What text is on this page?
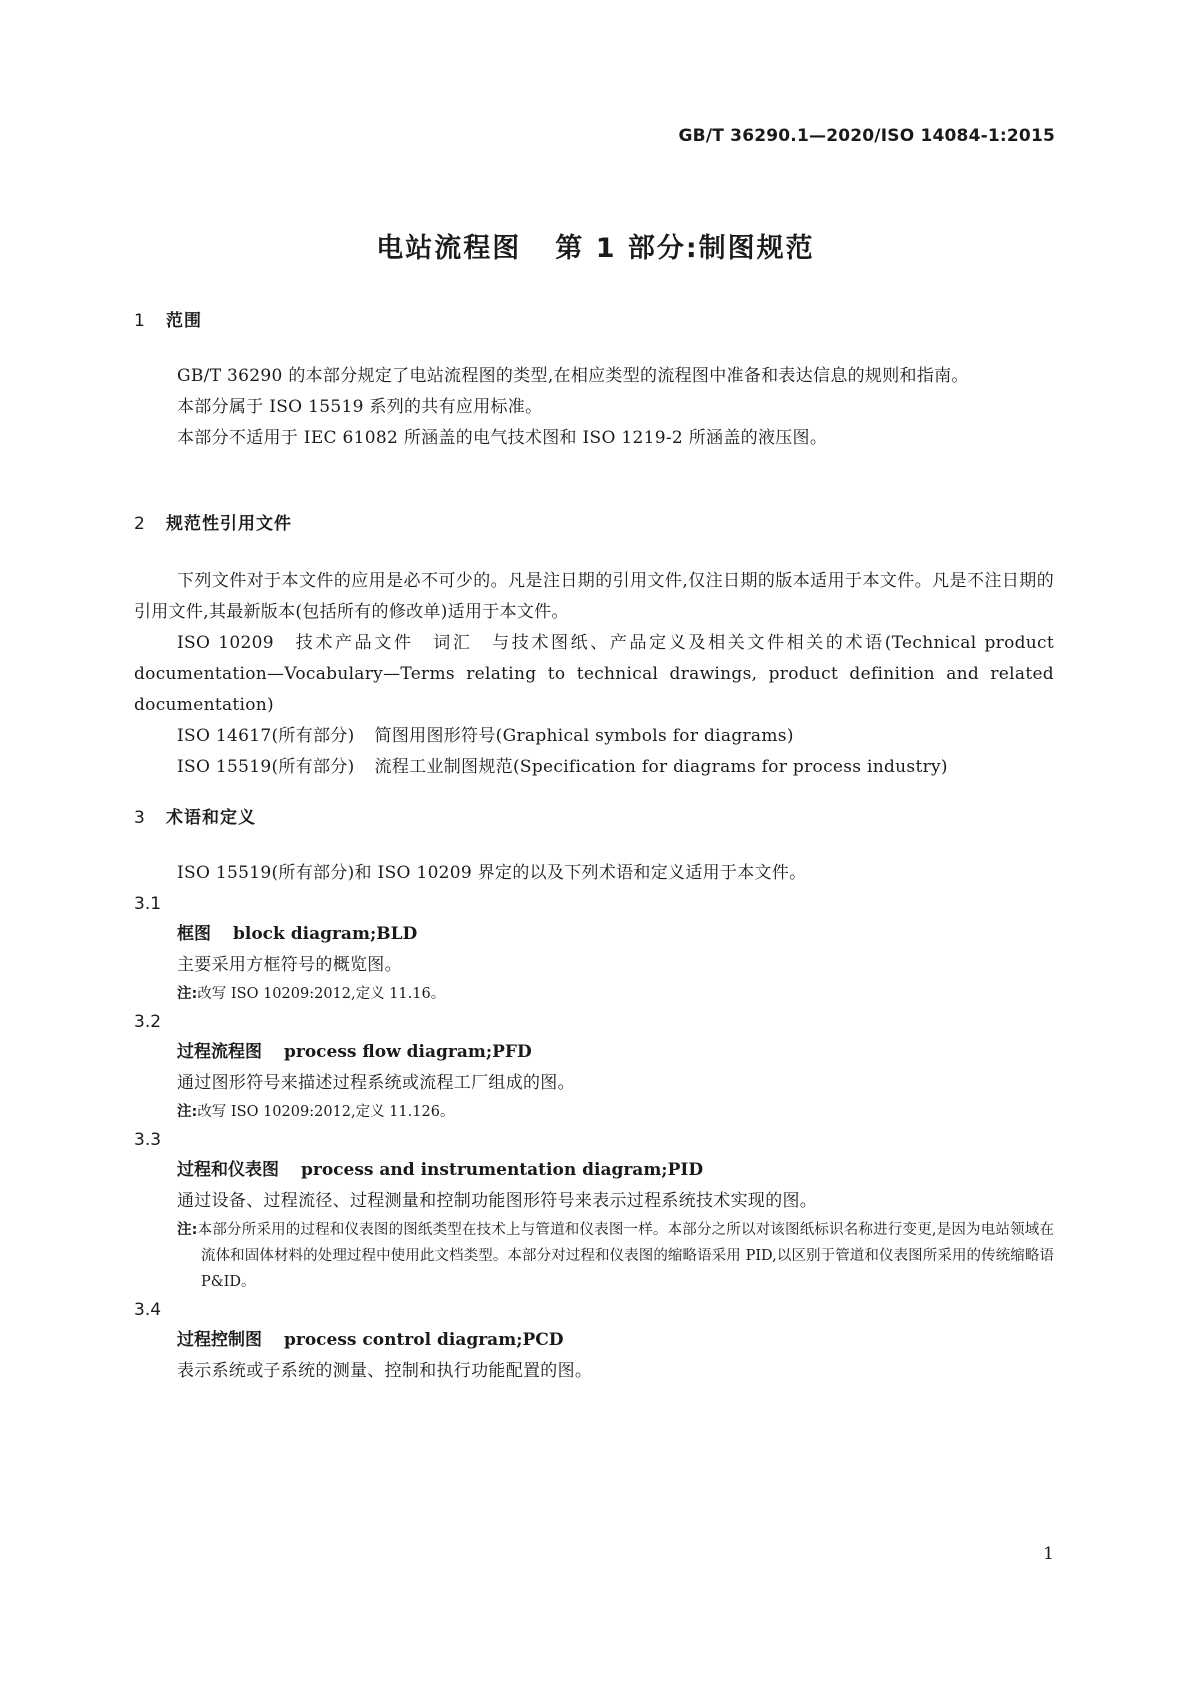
GB/T 36290.1—2020/ISO 14084-1:2015
电站流程图 第 1 部分:制图规范
1 范围
GB/T 36290 的本部分规定了电站流程图的类型,在相应类型的流程图中准备和表达信息的规则和指南。
本部分属于 ISO 15519 系列的共有应用标准。
本部分不适用于 IEC 61082 所涵盖的电气技术图和 ISO 1219-2 所涵盖的液压图。
2 规范性引用文件
下列文件对于本文件的应用是必不可少的。凡是注日期的引用文件,仅注日期的版本适用于本文件。凡是不注日期的引用文件,其最新版本(包括所有的修改单)适用于本文件。
ISO 10209　技术产品文件　词汇　与技术图纸、产品定义及相关文件相关的术语(Technical product documentation—Vocabulary—Terms relating to technical drawings, product definition and related documentation)
ISO 14617(所有部分) 简图用图形符号(Graphical symbols for diagrams)
ISO 15519(所有部分) 流程工业制图规范(Specification for diagrams for process industry)
3 术语和定义
ISO 15519(所有部分)和 ISO 10209 界定的以及下列术语和定义适用于本文件。
3.1
框图 block diagram;BLD
主要采用方框符号的概览图。
注:改写 ISO 10209:2012,定义 11.16。
3.2
过程流程图 process flow diagram;PFD
通过图形符号来描述过程系统或流程工厂组成的图。
注:改写 ISO 10209:2012,定义 11.126。
3.3
过程和仪表图 process and instrumentation diagram;PID
通过设备、过程流径、过程测量和控制功能图形符号来表示过程系统技术实现的图。
注:本部分所采用的过程和仪表图的图纸类型在技术上与管道和仪表图一样。本部分之所以对该图纸标识名称进行变更,是因为电站领域在流体和固体材料的处理过程中使用此文档类型。本部分对过程和仪表图的缩略语采用 PID,以区别于管道和仪表图所采用的传统缩略语 P&ID。
3.4
过程控制图 process control diagram;PCD
表示系统或子系统的测量、控制和执行功能配置的图。
1
